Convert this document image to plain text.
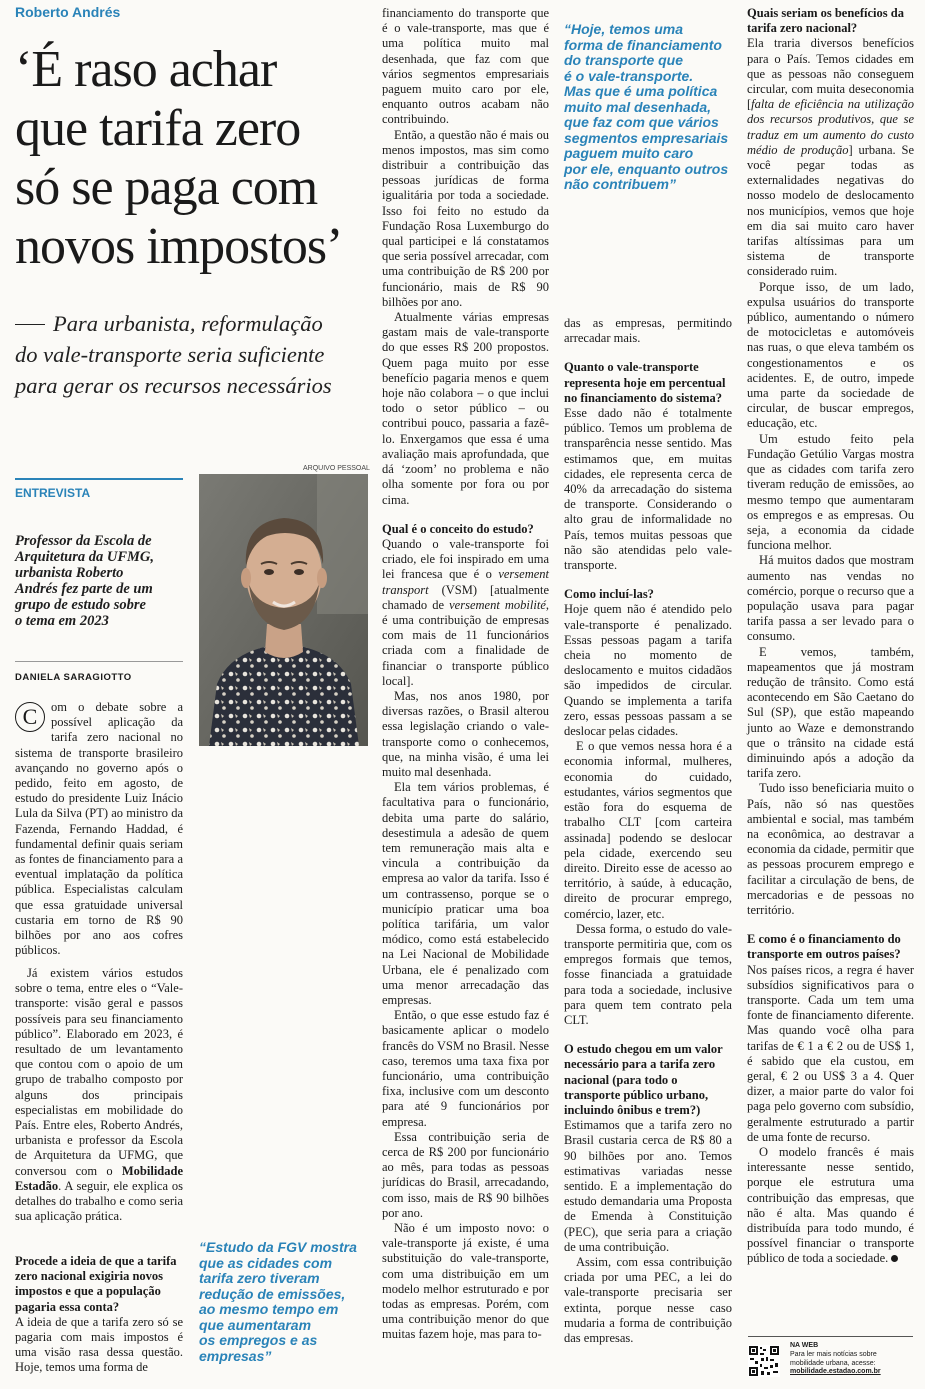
Roberto Andrés
‘É raso achar
que tarifa zero
só se paga com
novos impostos’
Para urbanista, reformulação
do vale-transporte seria suficiente
para gerar os recursos necessários
ENTREVISTA
Professor da Escola de
Arquitetura da UFMG,
urbanista Roberto
Andrés fez parte de um
grupo de estudo sobre
o tema em 2023
DANIELA SARAGIOTTO
ARQUIVO PESSOAL

C	om o debate sobre a possível aplicação da tarifa zero nacional no sistema de transporte brasileiro avançando no governo após o pedido, feito em agosto, de estudo do presidente Luiz Inácio Lula da Silva (PT) ao ministro da Fazenda, Fernando Haddad, é fundamental definir quais seriam as fontes de financiamento para a eventual implatação da política pública. Especialistas calculam que essa gratuidade universal custaria em torno de R$ 90 bilhões por ano aos cofres públicos.

Já existem vários estudos sobre o tema, entre eles o “Vale-transporte: visão geral e passos possíveis para seu financiamento público”. Elaborado em 2023, é resultado de um levantamento que contou com o apoio de um grupo de trabalho composto por alguns dos principais especialistas em mobilidade do País. Entre eles, Roberto Andrés, urbanista e professor da Escola de Arquitetura da UFMG, que conversou com o Mobilidade Estadão. A seguir, ele explica os detalhes do trabalho e como seria sua aplicação prática.

Procede a ideia de que a tarifa zero nacional exigiria novos impostos e que a população pagaria essa conta?

A ideia de que a tarifa zero só se pagaria com mais impostos é uma visão rasa dessa questão. Hoje, temos uma forma de

“Estudo da FGV mostra
que as cidades com
tarifa zero tiveram
redução de emissões,
ao mesmo tempo em
que aumentaram
os empregos e as
empresas”

financiamento do transporte que é o vale-transporte, mas que é uma política muito mal desenhada, que faz com que vários segmentos empresariais paguem muito caro por ele, enquanto outros acabam não contribuindo.

Então, a questão não é mais ou menos impostos, mas sim como distribuir a contribuição das pessoas jurídicas de forma igualitária por toda a sociedade. Isso foi feito no estudo da Fundação Rosa Luxemburgo do qual participei e lá constatamos que seria possível arrecadar, com uma contribuição de R$ 200 por funcionário, mais de R$ 90 bilhões por ano.

Atualmente várias empresas gastam mais de vale-transporte do que esses R$ 200 propostos. Quem paga muito por esse benefício pagaria menos e quem hoje não colabora – o que inclui todo o setor público – ou contribui pouco, passaria a fazê-lo. Enxergamos que essa é uma avaliação mais aprofundada, que dá ‘zoom’ no problema e não olha somente por fora ou por cima.

Qual é o conceito do estudo?

Quando o vale-transporte foi criado, ele foi inspirado em uma lei francesa que é o versement transport (VSM) [atualmente chamado de versement mobilité, é uma contribuição de empresas com mais de 11 funcionários criada com a finalidade de financiar o transporte público local].

Mas, nos anos 1980, por diversas razões, o Brasil alterou essa legislação criando o vale-transporte como o conhecemos, que, na minha visão, é uma lei muito mal desenhada.

Ela tem vários problemas, é facultativa para o funcionário, debita uma parte do salário, desestimula a adesão de quem tem remuneração mais alta e vincula a contribuição da empresa ao valor da tarifa. Isso é um contrassenso, porque se o município praticar uma boa política tarifária, um valor módico, como está estabelecido na Lei Nacional de Mobilidade Urbana, ele é penalizado com uma menor arrecadação das empresas.

Então, o que esse estudo faz é basicamente aplicar o modelo francês do VSM no Brasil. Nesse caso, teremos uma taxa fixa por funcionário, uma contribuição fixa, inclusive com um desconto para até 9 funcionários por empresa.

Essa contribuição seria de cerca de R$ 200 por funcionário ao mês, para todas as pessoas jurídicas do Brasil, arrecadando, com isso, mais de R$ 90 bilhões por ano.

Não é um imposto novo: o vale-transporte já existe, é uma substituição do vale-transporte, com uma distribuição em um modelo melhor estruturado e por todas as empresas. Porém, com uma contribuição menor do que muitas fazem hoje, mas para to-

“Hoje, temos uma
forma de financiamento
do transporte que
é o vale-transporte.
Mas que é uma política
muito mal desenhada,
que faz com que vários
segmentos empresariais
paguem muito caro
por ele, enquanto outros
não contribuem”

das as empresas, permitindo arrecadar mais.

Quanto o vale-transporte representa hoje em percentual no financiamento do sistema?

Esse dado não é totalmente público. Temos um problema de transparência nesse sentido. Mas estimamos que, em muitas cidades, ele representa cerca de 40% da arrecadação do sistema de transporte. Considerando o alto grau de informalidade no País, temos muitas pessoas que não são atendidas pelo vale-transporte.

Como incluí-las?

Hoje quem não é atendido pelo vale-transporte é penalizado. Essas pessoas pagam a tarifa cheia no momento de deslocamento e muitos cidadãos são impedidos de circular. Quando se implementa a tarifa zero, essas pessoas passam a se deslocar pelas cidades.

E o que vemos nessa hora é a economia informal, mulheres, economia do cuidado, estudantes, vários segmentos que estão fora do esquema de trabalho CLT [com carteira assinada] podendo se deslocar pela cidade, exercendo seu direito. Direito esse de acesso ao território, à saúde, à educação, direito de procurar emprego, comércio, lazer, etc.

Dessa forma, o estudo do vale-transporte permitiria que, com os empregos formais que temos, fosse financiada a gratuidade para toda a sociedade, inclusive para quem tem contrato pela CLT.

O estudo chegou em um valor necessário para a tarifa zero nacional (para todo o transporte público urbano, incluindo ônibus e trem?)

Estimamos que a tarifa zero no Brasil custaria cerca de R$ 80 a 90 bilhões por ano. Temos estimativas variadas nesse sentido. E a implementação do estudo demandaria uma Proposta de Emenda à Constituição (PEC), que seria para a criação de uma contribuição.

Assim, com essa contribuição criada por uma PEC, a lei do vale-transporte precisaria ser extinta, porque nesse caso mudaria a forma de contribuição das empresas.

Quais seriam os benefícios da tarifa zero nacional?

Ela traria diversos benefícios para o País. Temos cidades em que as pessoas não conseguem circular, com muita deseconomia [falta de eficiência na utilização dos recursos produtivos, que se traduz em um aumento do custo médio de produção] urbana. Se você pegar todas as externalidades negativas do nosso modelo de deslocamento nos municípios, vemos que hoje em dia sai muito caro haver tarifas altíssimas para um sistema de transporte considerado ruim.

Porque isso, de um lado, expulsa usuários do transporte público, aumentando o número de motocicletas e automóveis nas ruas, o que eleva também os congestionamentos e os acidentes. E, de outro, impede uma parte da sociedade de circular, de buscar empregos, educação, etc.

Um estudo feito pela Fundação Getúlio Vargas mostra que as cidades com tarifa zero tiveram redução de emissões, ao mesmo tempo que aumentaram os empregos e as empresas. Ou seja, a economia da cidade funciona melhor.

Há muitos dados que mostram aumento nas vendas no comércio, porque o recurso que a população usava para pagar tarifa passa a ser levado para o consumo.

E vemos, também, mapeamentos que já mostram redução de trânsito. Como está acontecendo em São Caetano do Sul (SP), que estão mapeando junto ao Waze e demonstrando que o trânsito na cidade está diminuindo após a adoção da tarifa zero.

Tudo isso beneficiaria muito o País, não só nas questões ambiental e social, mas também na econômica, ao destravar a economia da cidade, permitir que as pessoas procurem emprego e facilitar a circulação de bens, de mercadorias e de pessoas no território.

E como é o financiamento do transporte em outros países?

Nos países ricos, a regra é haver subsídios significativos para o transporte. Cada um tem uma fonte de financiamento diferente. Mas quando você olha para tarifas de € 1 a € 2 ou de US$ 1, é sabido que ela custou, em geral, € 2 ou US$ 3 a 4. Quer dizer, a maior parte do valor foi paga pelo governo com subsídio, geralmente estruturado a partir de uma fonte de recurso.

O modelo francês é mais interessante nesse sentido, porque ele estrutura uma contribuição das empresas, que não é alta. Mas quando é distribuída para todo mundo, é possível financiar o transporte público de toda a sociedade.

NA WEB
Para ler mais notícias sobre mobilidade urbana, acesse:
mobilidade.estadao.com.br
